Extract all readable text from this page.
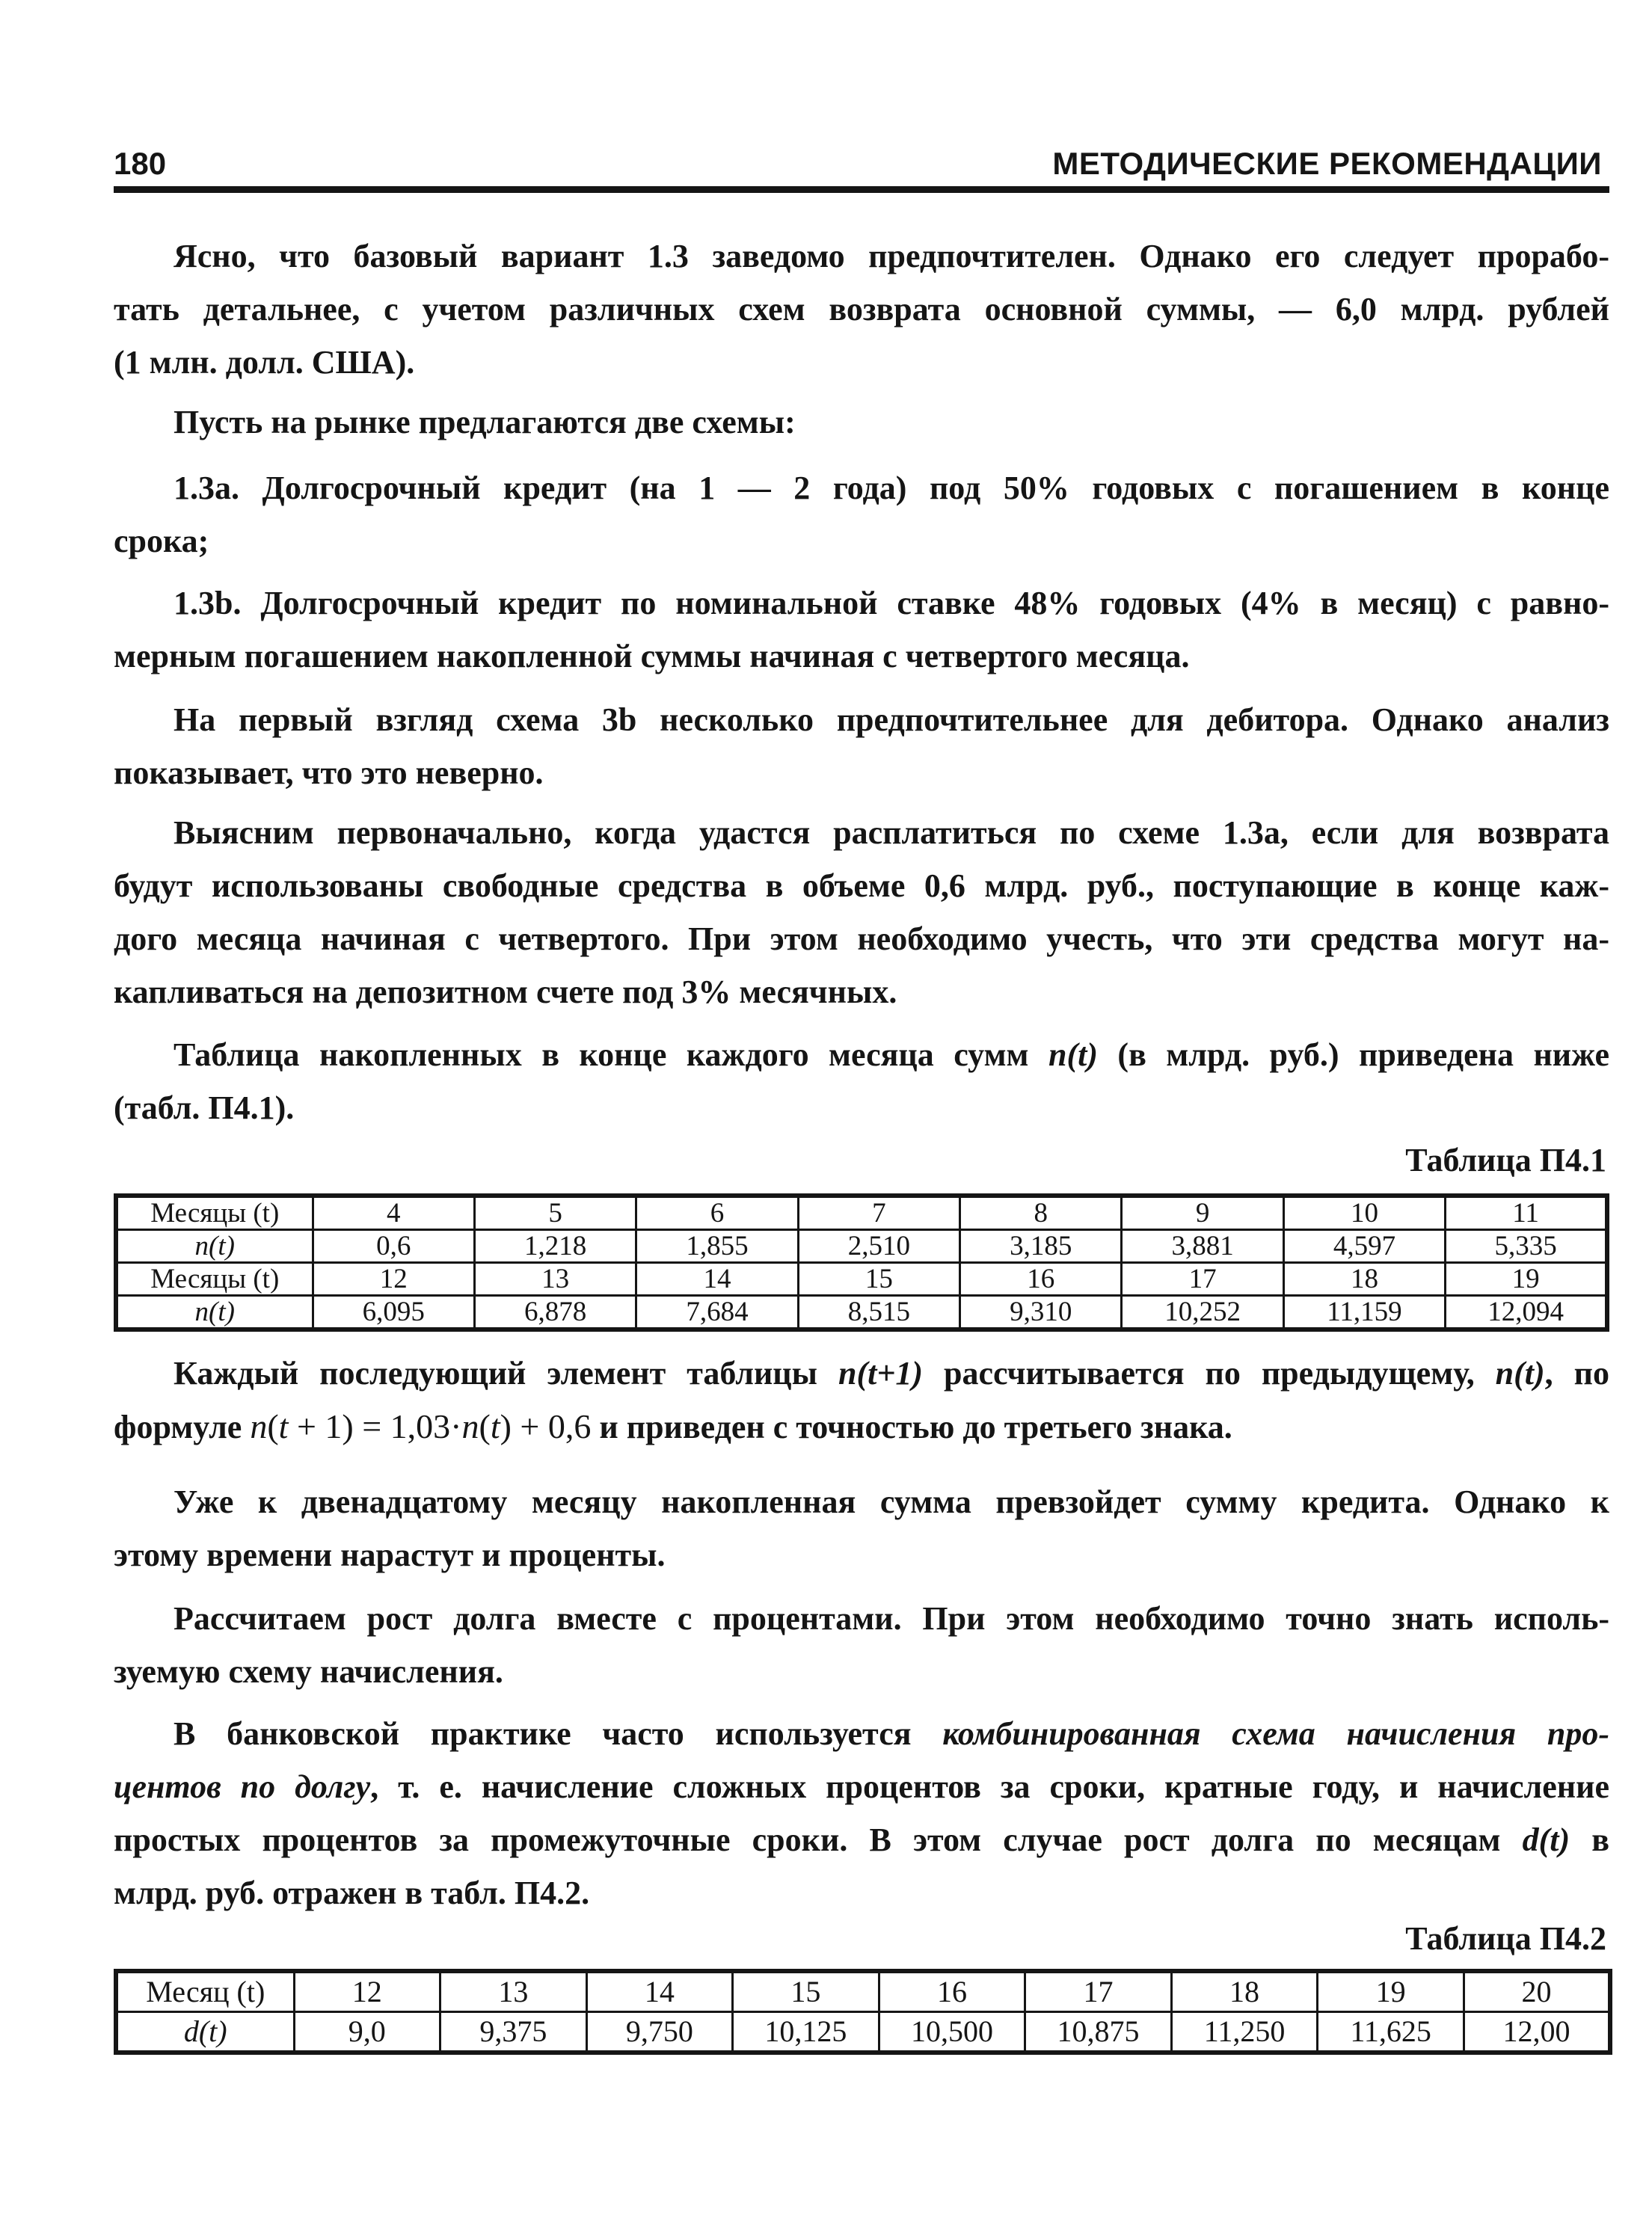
180	МЕТОДИЧЕСКИЕ РЕКОМЕНДАЦИИ
Ясно, что базовый вариант 1.3 заведомо предпочтителен. Однако его следует прорабо-
тать детальнее, с учетом различных схем возврата основной суммы, — 6,0 млрд. рублей
(1 млн. долл. США).
Пусть на рынке предлагаются две схемы:
1.3a. Долгосрочный кредит (на 1 — 2 года) под 50% годовых с погашением в конце
срока;
1.3b. Долгосрочный кредит по номинальной ставке 48% годовых (4% в месяц) с равно-
мерным погашением накопленной суммы начиная с четвертого месяца.
На первый взгляд схема 3b несколько предпочтительнее для дебитора. Однако анализ
показывает, что это неверно.
Выясним первоначально, когда удастся расплатиться по схеме 1.3a, если для возврата
будут использованы свободные средства в объеме 0,6 млрд. руб., поступающие в конце каж-
дого месяца начиная с четвертого. При этом необходимо учесть, что эти средства могут на-
капливаться на депозитном счете под 3% месячных.
Таблица накопленных в конце каждого месяца сумм n(t) (в млрд. руб.) приведена ниже
(табл. П4.1).
Таблица П4.1
Месяцы (t)	4	5	6	7	8	9	10	11
n(t)	0,6	1,218	1,855	2,510	3,185	3,881	4,597	5,335
Месяцы (t)	12	13	14	15	16	17	18	19
n(t)	6,095	6,878	7,684	8,515	9,310	10,252	11,159	12,094
Каждый последующий элемент таблицы n(t+1) рассчитывается по предыдущему, n(t), по
формуле n(t + 1) = 1,03·n(t) + 0,6 и приведен с точностью до третьего знака.
Уже к двенадцатому месяцу накопленная сумма превзойдет сумму кредита. Однако к
этому времени нарастут и проценты.
Рассчитаем рост долга вместе с процентами. При этом необходимо точно знать исполь-
зуемую схему начисления.
В банковской практике часто используется комбинированная схема начисления про-
центов по долгу, т. е. начисление сложных процентов за сроки, кратные году, и начисление
простых процентов за промежуточные сроки. В этом случае рост долга по месяцам d(t) в
млрд. руб. отражен в табл. П4.2.
Таблица П4.2
Месяц (t)	12	13	14	15	16	17	18	19	20
d(t)	9,0	9,375	9,750	10,125	10,500	10,875	11,250	11,625	12,00
